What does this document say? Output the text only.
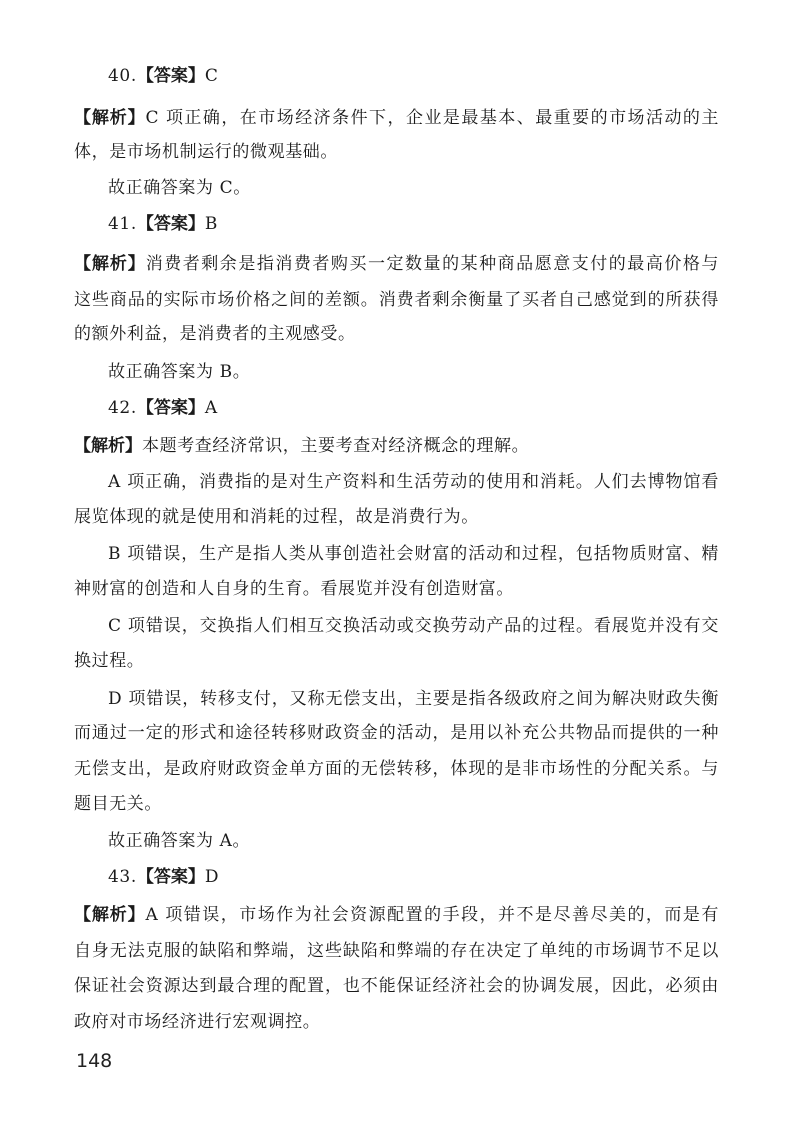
40.【答案】C
【解析】C 项正确，在市场经济条件下，企业是最基本、最重要的市场活动的主
体，是市场机制运行的微观基础。
故正确答案为 C。
41.【答案】B
【解析】消费者剩余是指消费者购买一定数量的某种商品愿意支付的最高价格与
这些商品的实际市场价格之间的差额。消费者剩余衡量了买者自己感觉到的所获得
的额外利益，是消费者的主观感受。
故正确答案为 B。
42.【答案】A
【解析】本题考查经济常识，主要考查对经济概念的理解。
A 项正确，消费指的是对生产资料和生活劳动的使用和消耗。人们去博物馆看
展览体现的就是使用和消耗的过程，故是消费行为。
B 项错误，生产是指人类从事创造社会财富的活动和过程，包括物质财富、精
神财富的创造和人自身的生育。看展览并没有创造财富。
C 项错误，交换指人们相互交换活动或交换劳动产品的过程。看展览并没有交
换过程。
D 项错误，转移支付，又称无偿支出，主要是指各级政府之间为解决财政失衡
而通过一定的形式和途径转移财政资金的活动，是用以补充公共物品而提供的一种
无偿支出，是政府财政资金单方面的无偿转移，体现的是非市场性的分配关系。与
题目无关。
故正确答案为 A。
43.【答案】D
【解析】A 项错误，市场作为社会资源配置的手段，并不是尽善尽美的，而是有
自身无法克服的缺陷和弊端，这些缺陷和弊端的存在决定了单纯的市场调节不足以
保证社会资源达到最合理的配置，也不能保证经济社会的协调发展，因此，必须由
政府对市场经济进行宏观调控。
148
